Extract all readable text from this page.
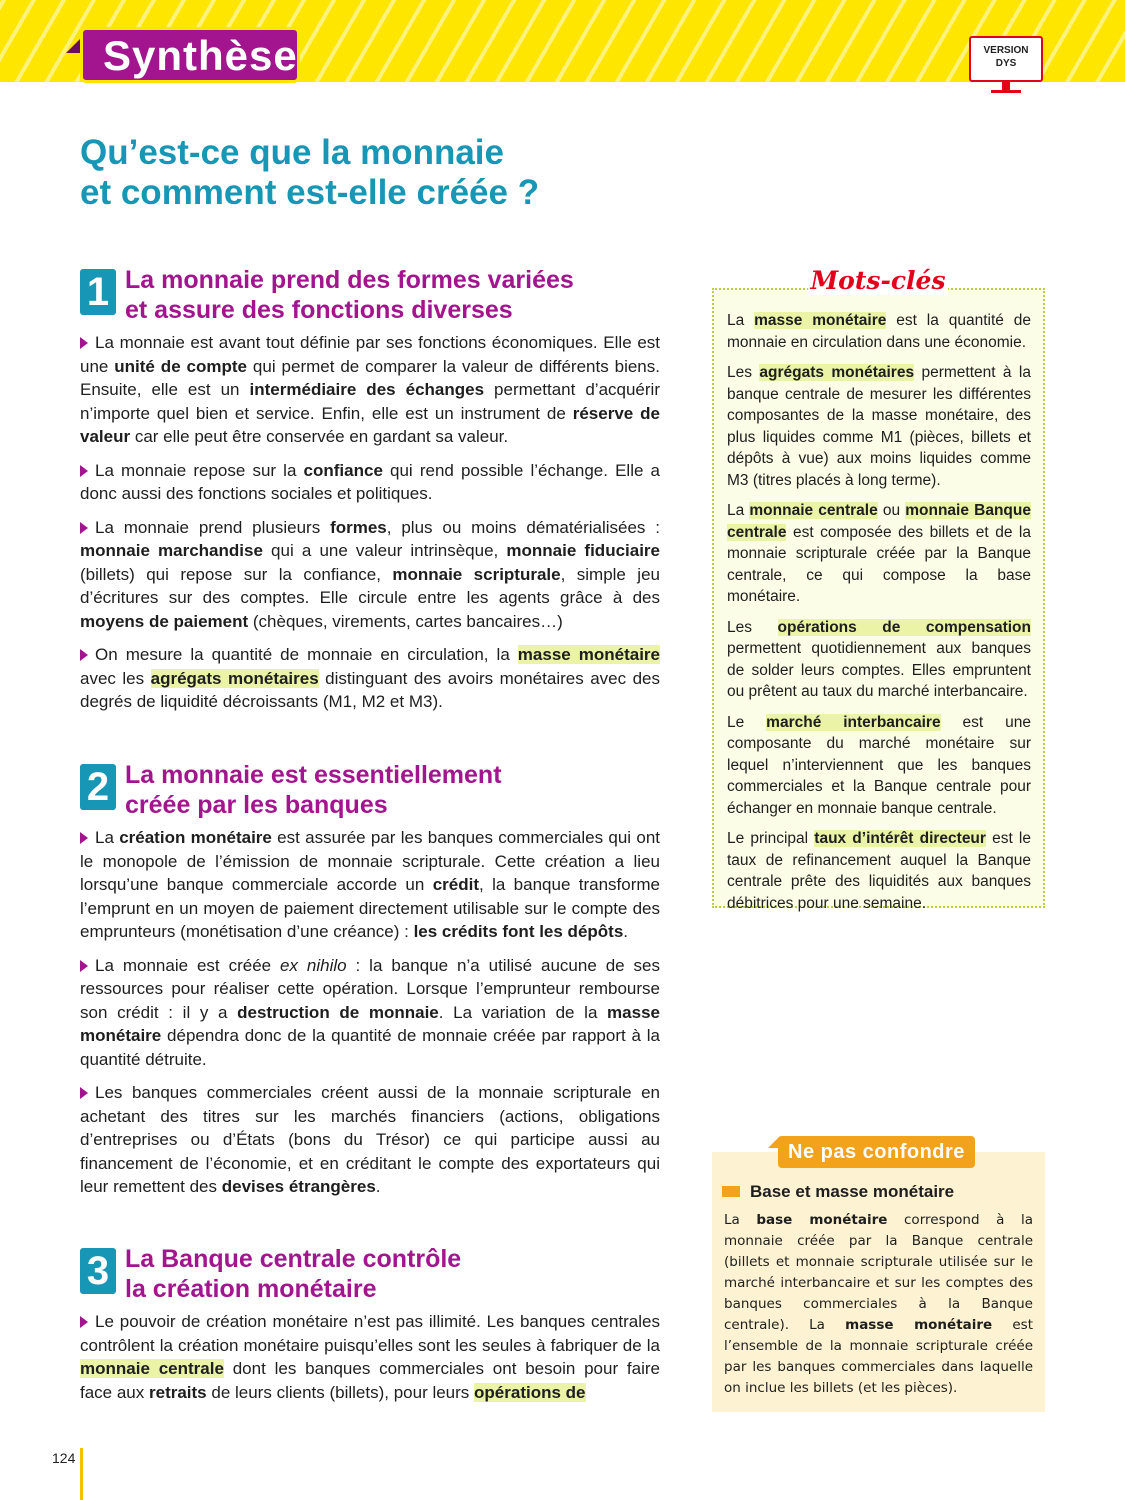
Synthèse	VERSION
DYS
Qu’est-ce que la monnaie
et comment est-elle créée ?
1 La monnaie prend des formes variées
et assure des fonctions diverses

La monnaie est avant tout définie par ses fonctions économiques. Elle est une unité de compte qui permet de comparer la valeur de différents biens. Ensuite, elle est un intermédiaire des échanges permettant d’acquérir n’importe quel bien et service. Enfin, elle est un instrument de réserve de valeur car elle peut être conservée en gardant sa valeur.

La monnaie repose sur la confiance qui rend possible l’échange. Elle a donc aussi des fonctions sociales et politiques.

La monnaie prend plusieurs formes, plus ou moins dématérialisées : monnaie marchandise qui a une valeur intrinsèque, monnaie fiduciaire (billets) qui repose sur la confiance, monnaie scripturale, simple jeu d’écritures sur des comptes. Elle circule entre les agents grâce à des moyens de paiement (chèques, virements, cartes bancaires…)

On mesure la quantité de monnaie en circulation, la masse monétaire avec les agrégats monétaires distinguant des avoirs monétaires avec des degrés de liquidité décroissants (M1, M2 et M3).

2 La monnaie est essentiellement
créée par les banques

La création monétaire est assurée par les banques commerciales qui ont le monopole de l’émission de monnaie scripturale. Cette création a lieu lorsqu’une banque commerciale accorde un crédit, la banque transforme l’emprunt en un moyen de paiement directement utilisable sur le compte des emprunteurs (monétisation d’une créance) : les crédits font les dépôts.

La monnaie est créée ex nihilo : la banque n’a utilisé aucune de ses ressources pour réaliser cette opération. Lorsque l’emprunteur rembourse son crédit : il y a destruction de monnaie. La variation de la masse monétaire dépendra donc de la quantité de monnaie créée par rapport à la quantité détruite.

Les banques commerciales créent aussi de la monnaie scripturale en achetant des titres sur les marchés financiers (actions, obligations d’entreprises ou d’États (bons du Trésor) ce qui participe aussi au financement de l’économie, et en créditant le compte des exportateurs qui leur remettent des devises étrangères.

3 La Banque centrale contrôle
la création monétaire

Le pouvoir de création monétaire n’est pas illimité. Les banques centrales contrôlent la création monétaire puisqu’elles sont les seules à fabriquer de la monnaie centrale dont les banques commerciales ont besoin pour faire face aux retraits de leurs clients (billets), pour leurs opérations de

La masse monétaire est la quantité de monnaie en circulation dans une économie.

Les agrégats monétaires permettent à la banque centrale de mesurer les différentes composantes de la masse monétaire, des plus liquides comme M1 (pièces, billets et dépôts à vue) aux moins liquides comme M3 (titres placés à long terme).

La monnaie centrale ou monnaie Banque centrale est composée des billets et de la monnaie scripturale créée par la Banque centrale, ce qui compose la base monétaire.

Les opérations de compensation permettent quotidiennement aux banques de solder leurs comptes. Elles empruntent ou prêtent au taux du marché interbancaire.

Le marché interbancaire est une composante du marché monétaire sur lequel n’interviennent que les banques commerciales et la Banque centrale pour échanger en monnaie banque centrale.

Le principal taux d’intérêt directeur est le taux de refinancement auquel la Banque centrale prête des liquidités aux banques débitrices pour une semaine.

Mots-clés
Base et masse monétaire

La base monétaire correspond à la monnaie créée par la Banque centrale (billets et monnaie scripturale utilisée sur le marché interbancaire et sur les comptes des banques commerciales à la Banque centrale). La masse monétaire est l’ensemble de la monnaie scripturale créée par les banques commerciales dans laquelle on inclue les billets (et les pièces).

Ne pas confondre
124
